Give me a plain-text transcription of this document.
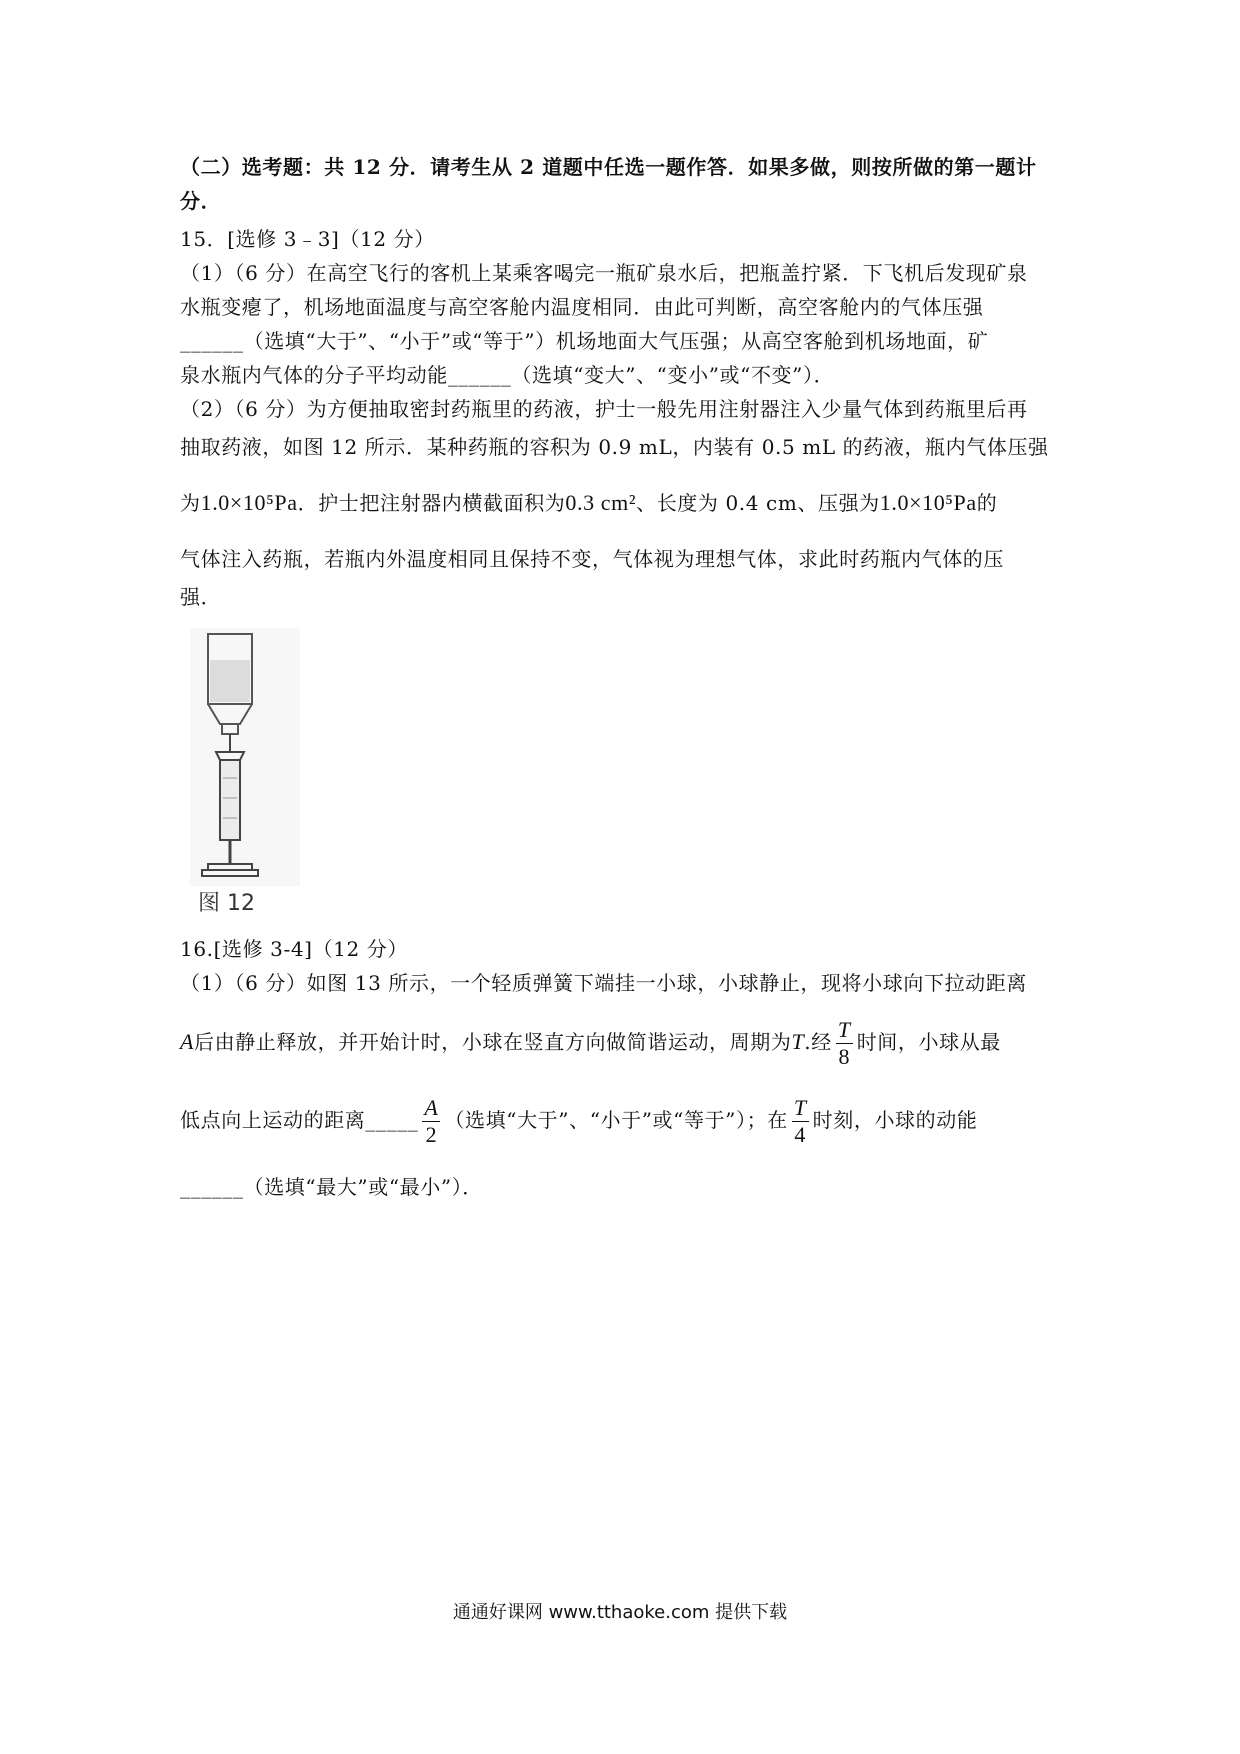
（二）选考题：共 12 分．请考生从 2 道题中任选一题作答．如果多做，则按所做的第一题计
分．
15．[选修 3﹣3]（12 分）
（1）（6 分）在高空飞行的客机上某乘客喝完一瓶矿泉水后，把瓶盖拧紧．下飞机后发现矿泉
水瓶变瘪了，机场地面温度与高空客舱内温度相同．由此可判断，高空客舱内的气体压强
______（选填“大于”、“小于”或“等于”）机场地面大气压强；从高空客舱到机场地面，矿
泉水瓶内气体的分子平均动能______（选填“变大”、“变小”或“不变”）．
（2）（6 分）为方便抽取密封药瓶里的药液，护士一般先用注射器注入少量气体到药瓶里后再
抽取药液，如图 12 所示．某种药瓶的容积为 0.9 mL，内装有 0.5 mL 的药液，瓶内气体压强
为1.0×10⁵Pa．护士把注射器内横截面积为0.3 cm²、长度为 0.4 cm、压强为1.0×10⁵Pa的
气体注入药瓶，若瓶内外温度相同且保持不变，气体视为理想气体，求此时药瓶内气体的压
强．
图 12
16.[选修 3-4]（12 分）
（1）（6 分）如图 13 所示，一个轻质弹簧下端挂一小球，小球静止，现将小球向下拉动距离
A后由静止释放，并开始计时，小球在竖直方向做简谐运动，周期为T.经 $\frac{T}{8}$ 时间，小球从最
低点向上运动的距离_____ $\frac{A}{2}$ （选填“大于”、“小于”或“等于”）；在 $\frac{T}{4}$ 时刻，小球的动能
______（选填“最大”或“最小”）．
通通好课网 www.tthaoke.com 提供下载
